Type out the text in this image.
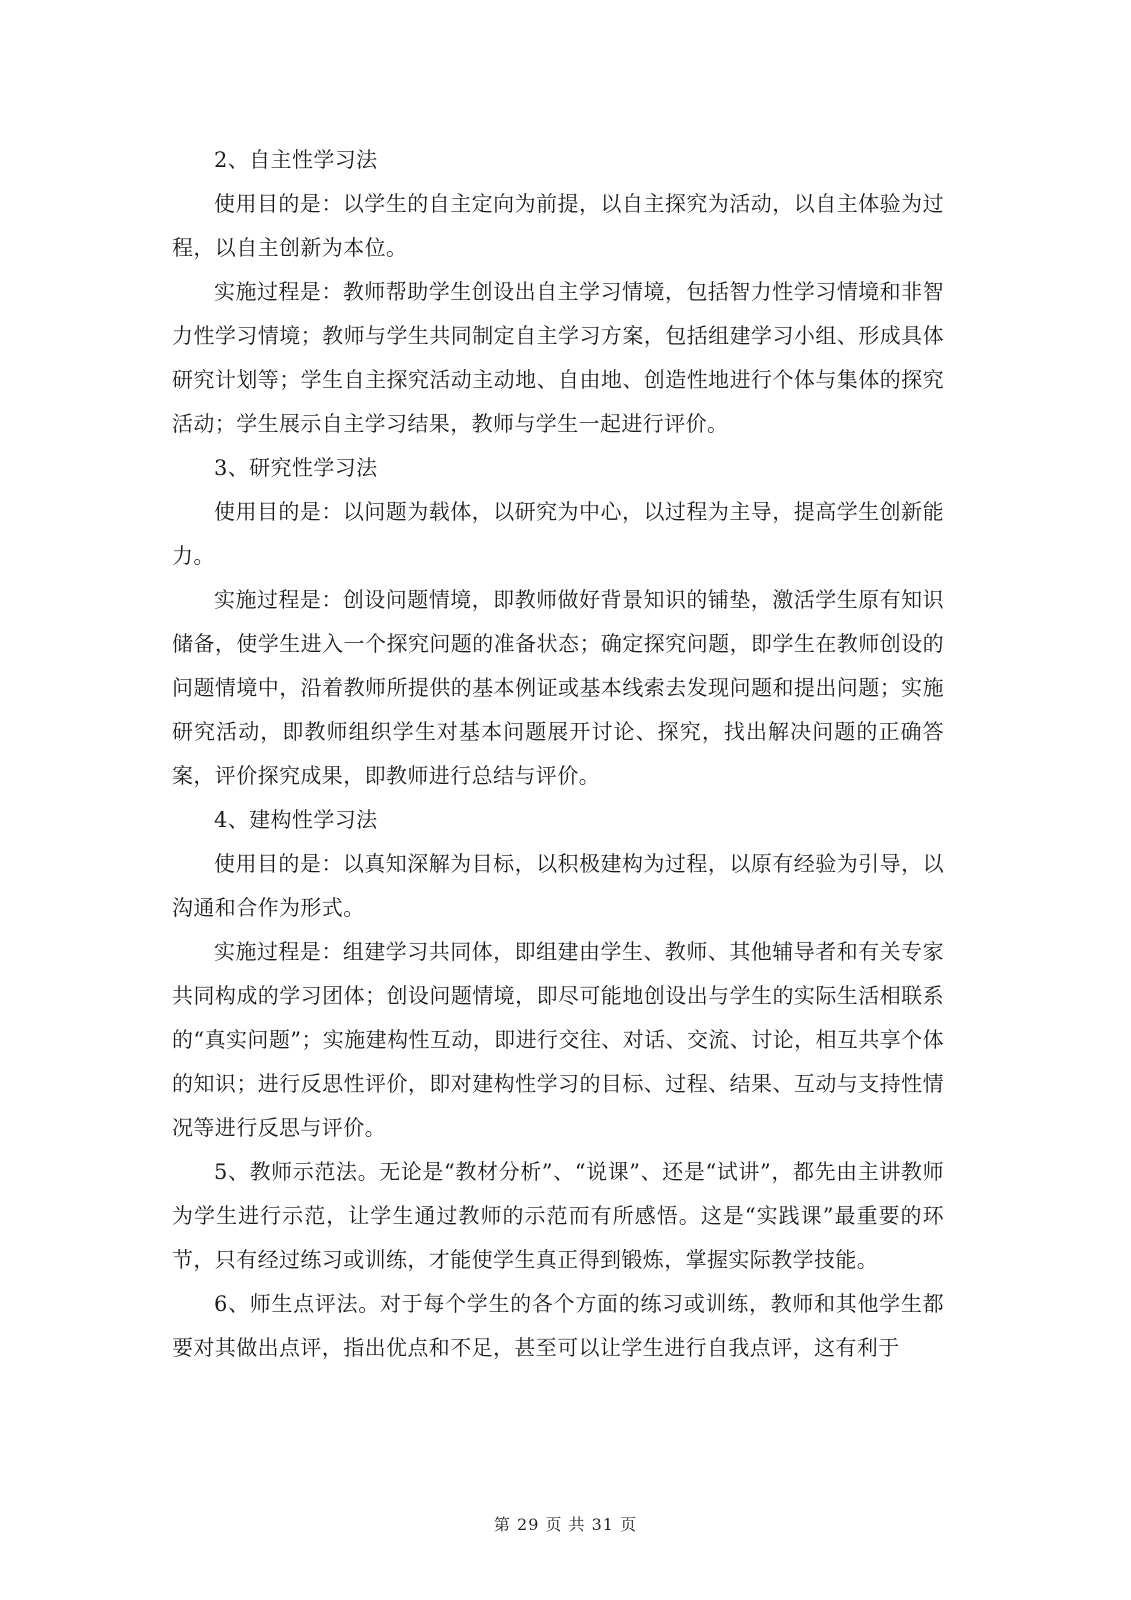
2、自主性学习法

使用目的是：以学生的自主定向为前提，以自主探究为活动，以自主体验为过程，以自主创新为本位。

实施过程是：教师帮助学生创设出自主学习情境，包括智力性学习情境和非智力性学习情境；教师与学生共同制定自主学习方案，包括组建学习小组、形成具体研究计划等；学生自主探究活动主动地、自由地、创造性地进行个体与集体的探究活动；学生展示自主学习结果，教师与学生一起进行评价。

3、研究性学习法

使用目的是：以问题为载体，以研究为中心，以过程为主导，提高学生创新能力。

实施过程是：创设问题情境，即教师做好背景知识的铺垫，激活学生原有知识储备，使学生进入一个探究问题的准备状态；确定探究问题，即学生在教师创设的问题情境中，沿着教师所提供的基本例证或基本线索去发现问题和提出问题；实施研究活动，即教师组织学生对基本问题展开讨论、探究，找出解决问题的正确答案，评价探究成果，即教师进行总结与评价。

4、建构性学习法

使用目的是：以真知深解为目标，以积极建构为过程，以原有经验为引导，以沟通和合作为形式。

实施过程是：组建学习共同体，即组建由学生、教师、其他辅导者和有关专家共同构成的学习团体；创设问题情境，即尽可能地创设出与学生的实际生活相联系的“真实问题”；实施建构性互动，即进行交往、对话、交流、讨论，相互共享个体的知识；进行反思性评价，即对建构性学习的目标、过程、结果、互动与支持性情况等进行反思与评价。

5、教师示范法。无论是“教材分析”、“说课”、还是“试讲”，都先由主讲教师为学生进行示范，让学生通过教师的示范而有所感悟。这是“实践课”最重要的环节，只有经过练习或训练，才能使学生真正得到锻炼，掌握实际教学技能。

6、师生点评法。对于每个学生的各个方面的练习或训练，教师和其他学生都要对其做出点评，指出优点和不足，甚至可以让学生进行自我点评，这有利于

第 29 页 共 31 页
